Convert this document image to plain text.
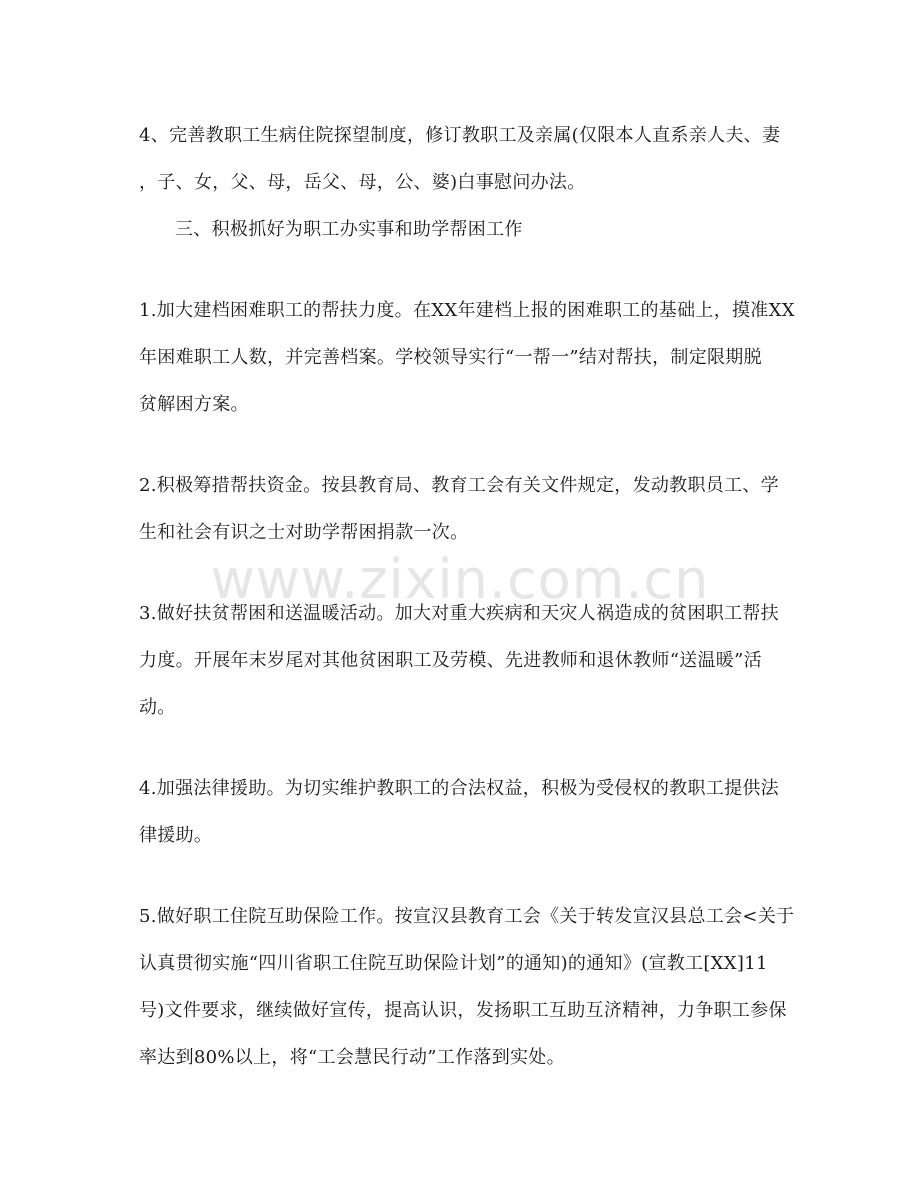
www.zixin.com.cn
4、完善教职工生病住院探望制度，修订教职工及亲属(仅限本人直系亲人夫、妻
，子、女，父、母，岳父、母，公、婆)白事慰问办法。
三、积极抓好为职工办实事和助学帮困工作
1.加大建档困难职工的帮扶力度。在XX年建档上报的困难职工的基础上，摸准XX
年困难职工人数，并完善档案。学校领导实行“一帮一”结对帮扶，制定限期脱
贫解困方案。
2.积极筹措帮扶资金。按县教育局、教育工会有关文件规定，发动教职员工、学
生和社会有识之士对助学帮困捐款一次。
3.做好扶贫帮困和送温暖活动。加大对重大疾病和天灾人祸造成的贫困职工帮扶
力度。开展年末岁尾对其他贫困职工及劳模、先进教师和退休教师“送温暖”活
动。
4.加强法律援助。为切实维护教职工的合法权益，积极为受侵权的教职工提供法
律援助。
5.做好职工住院互助保险工作。按宣汉县教育工会《关于转发宣汉县总工会<关于
认真贯彻实施“四川省职工住院互助保险计划”的通知)的通知》(宣教工[XX]11
号)文件要求，继续做好宣传，提高认识，发扬职工互助互济精神，力争职工参保
率达到80%以上，将“工会慧民行动”工作落到实处。
